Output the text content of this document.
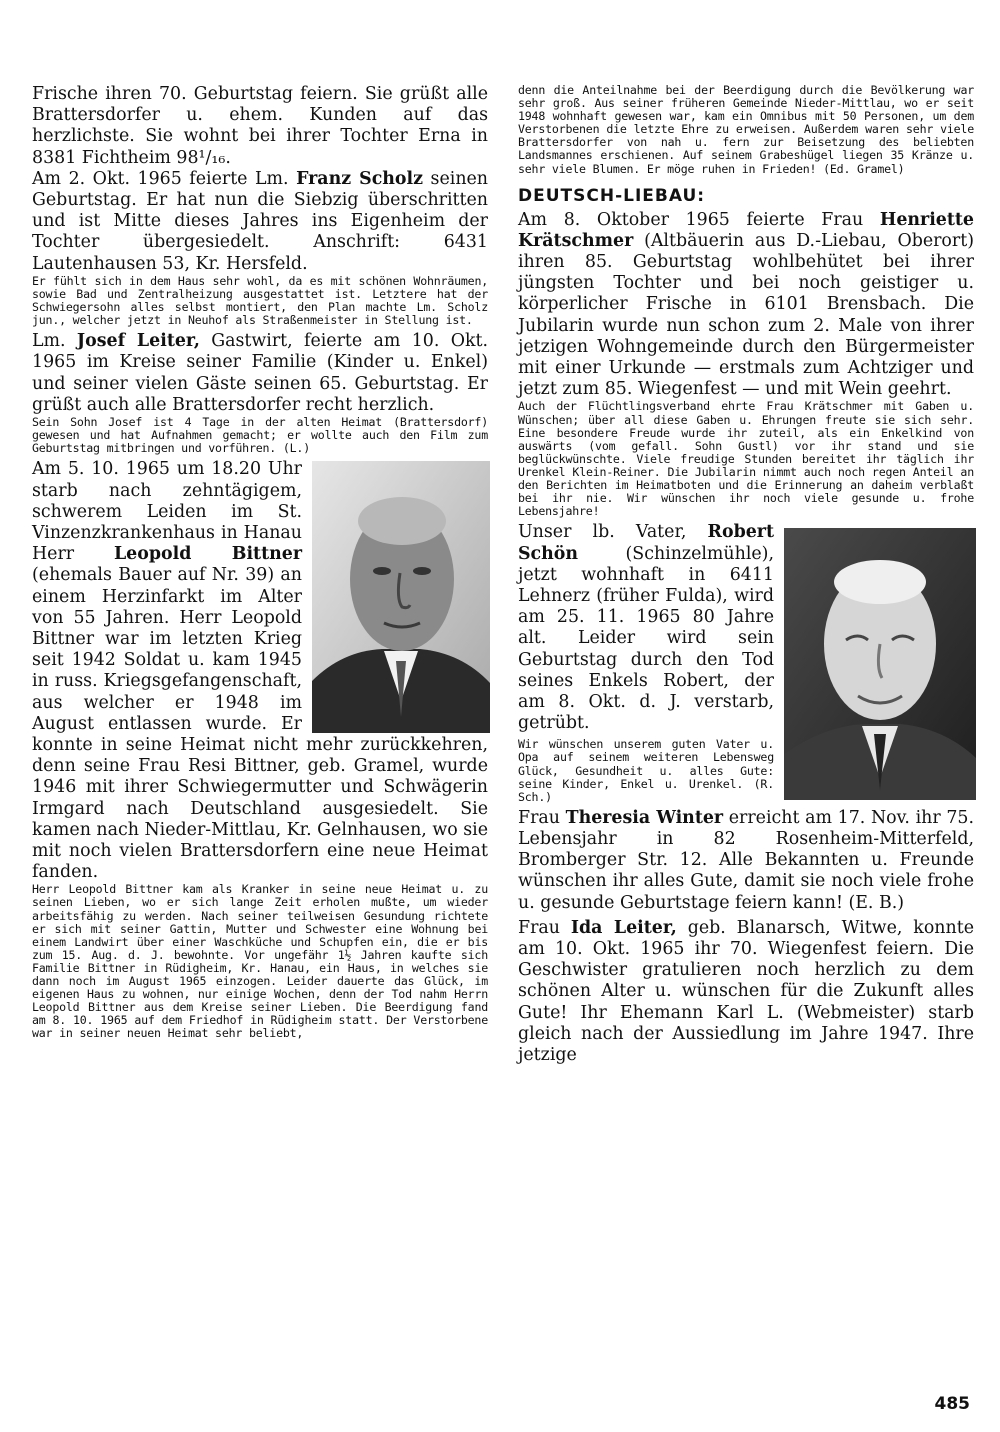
Frische ihren 70. Geburtstag feiern. Sie grüßt alle Brattersdorfer u. ehem. Kunden auf das herzlichste. Sie wohnt bei ihrer Tochter Erna in 8381 Fichtheim 98¹/₁₆.

Am 2. Okt. 1965 feierte Lm. Franz Scholz seinen Geburtstag. Er hat nun die Siebzig überschritten und ist Mitte dieses Jahres ins Eigenheim der Tochter übergesiedelt. Anschrift: 6431 Lautenhausen 53, Kr. Hersfeld.

Er fühlt sich in dem Haus sehr wohl, da es mit schönen Wohnräumen, sowie Bad und Zentralheizung ausgestattet ist. Letztere hat der Schwiegersohn alles selbst montiert, den Plan machte Lm. Scholz jun., welcher jetzt in Neuhof als Straßenmeister in Stellung ist.

Lm. Josef Leiter, Gastwirt, feierte am 10. Okt. 1965 im Kreise seiner Familie (Kinder u. Enkel) und seiner vielen Gäste seinen 65. Geburtstag. Er grüßt auch alle Brattersdorfer recht herzlich.

Sein Sohn Josef ist 4 Tage in der alten Heimat (Brattersdorf) gewesen und hat Aufnahmen gemacht; er wollte auch den Film zum Geburtstag mitbringen und vorführen. (L.)

Am 5. 10. 1965 um 18.20 Uhr starb nach zehntägigem, schwerem Leiden im St. Vinzenzkrankenhaus in Hanau Herr Leopold Bittner (ehemals Bauer auf Nr. 39) an einem Herzinfarkt im Alter von 55 Jahren. Herr Leopold Bittner war im letzten Krieg seit 1942 Soldat u. kam 1945 in russ. Kriegsgefangenschaft, aus welcher er 1948 im August entlassen wurde. Er konnte in seine Heimat nicht mehr zurückkehren, denn seine Frau Resi Bittner, geb. Gramel, wurde 1946 mit ihrer Schwiegermutter und Schwägerin Irmgard nach Deutschland ausgesiedelt. Sie kamen nach Nieder-Mittlau, Kr. Gelnhausen, wo sie mit noch vielen Brattersdorfern eine neue Heimat fanden.

Herr Leopold Bittner kam als Kranker in seine neue Heimat u. zu seinen Lieben, wo er sich lange Zeit erholen mußte, um wieder arbeitsfähig zu werden. Nach seiner teilweisen Gesundung richtete er sich mit seiner Gattin, Mutter und Schwester eine Wohnung bei einem Landwirt über einer Waschküche und Schupfen ein, die er bis zum 15. Aug. d. J. bewohnte. Vor ungefähr 1½ Jahren kaufte sich Familie Bittner in Rüdigheim, Kr. Hanau, ein Haus, in welches sie dann noch im August 1965 einzogen. Leider dauerte das Glück, im eigenen Haus zu wohnen, nur einige Wochen, denn der Tod nahm Herrn Leopold Bittner aus dem Kreise seiner Lieben. Die Beerdigung fand am 8. 10. 1965 auf dem Friedhof in Rüdigheim statt. Der Verstorbene war in seiner neuen Heimat sehr beliebt,

denn die Anteilnahme bei der Beerdigung durch die Bevölkerung war sehr groß. Aus seiner früheren Gemeinde Nieder-Mittlau, wo er seit 1948 wohnhaft gewesen war, kam ein Omnibus mit 50 Personen, um dem Verstorbenen die letzte Ehre zu erweisen. Außerdem waren sehr viele Brattersdorfer von nah u. fern zur Beisetzung des beliebten Landsmannes erschienen. Auf seinem Grabeshügel liegen 35 Kränze u. sehr viele Blumen. Er möge ruhen in Frieden! (Ed. Gramel)

DEUTSCH-LIEBAU:

Am 8. Oktober 1965 feierte Frau Henriette Krätschmer (Altbäuerin aus D.-Liebau, Oberort) ihren 85. Geburtstag wohlbehütet bei ihrer jüngsten Tochter und bei noch geistiger u. körperlicher Frische in 6101 Brensbach. Die Jubilarin wurde nun schon zum 2. Male von ihrer jetzigen Wohngemeinde durch den Bürgermeister mit einer Urkunde — erstmals zum Achtziger und jetzt zum 85. Wiegenfest — und mit Wein geehrt.

Auch der Flüchtlingsverband ehrte Frau Krätschmer mit Gaben u. Wünschen; über all diese Gaben u. Ehrungen freute sie sich sehr. Eine besondere Freude wurde ihr zuteil, als ein Enkelkind von auswärts (vom gefall. Sohn Gustl) vor ihr stand und sie beglückwünschte. Viele freudige Stunden bereitet ihr täglich ihr Urenkel Klein-Reiner. Die Jubilarin nimmt auch noch regen Anteil an den Berichten im Heimatboten und die Erinnerung an daheim verblaßt bei ihr nie. Wir wünschen ihr noch viele gesunde u. frohe Lebensjahre!

Unser lb. Vater, Robert Schön (Schinzelmühle), jetzt wohnhaft in 6411 Lehnerz (früher Fulda), wird am 25. 11. 1965 80 Jahre alt. Leider wird sein Geburtstag durch den Tod seines Enkels Robert, der am 8. Okt. d. J. verstarb, getrübt.

Wir wünschen unserem guten Vater u. Opa auf seinem weiteren Lebensweg Glück, Gesundheit u. alles Gute: seine Kinder, Enkel u. Urenkel. (R. Sch.)

Frau Theresia Winter erreicht am 17. Nov. ihr 75. Lebensjahr in 82 Rosenheim-Mitterfeld, Bromberger Str. 12. Alle Bekannten u. Freunde wünschen ihr alles Gute, damit sie noch viele frohe u. gesunde Geburtstage feiern kann! (E. B.)

Frau Ida Leiter, geb. Blanarsch, Witwe, konnte am 10. Okt. 1965 ihr 70. Wiegenfest feiern. Die Geschwister gratulieren noch herzlich zu dem schönen Alter u. wünschen für die Zukunft alles Gute! Ihr Ehemann Karl L. (Webmeister) starb gleich nach der Aussiedlung im Jahre 1947. Ihre jetzige

485
